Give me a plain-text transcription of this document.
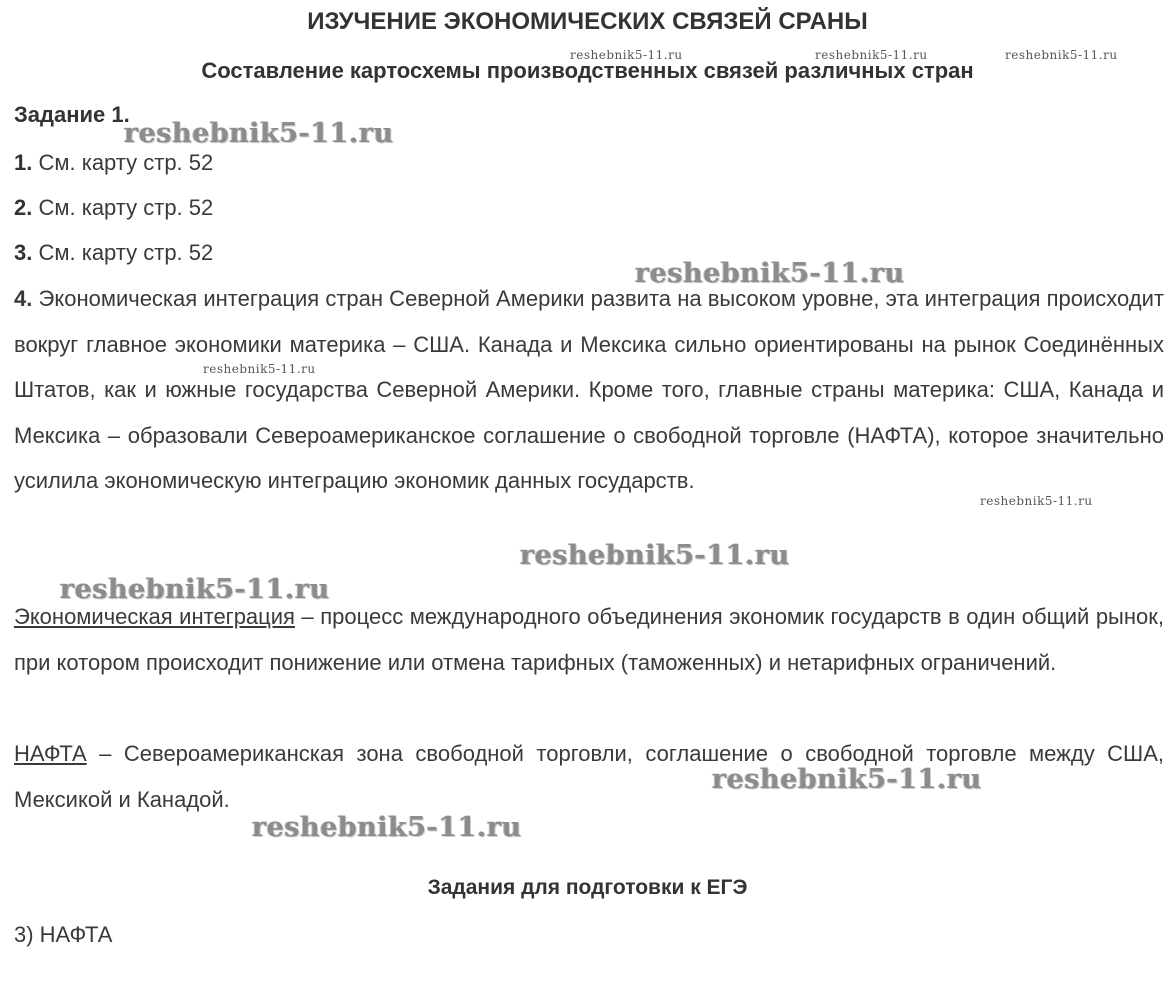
ИЗУЧЕНИЕ ЭКОНОМИЧЕСКИХ СВЯЗЕЙ СРАНЫ
Составление картосхемы производственных связей различных стран
Задание 1.
1. См. карту стр. 52
2. См. карту стр. 52
3. См. карту стр. 52
4. Экономическая интеграция стран Северной Америки развита на высоком уровне, эта интеграция происходит вокруг главное экономики материка – США. Канада и Мексика сильно ориентированы на рынок Соединённых Штатов, как и южные государства Северной Америки. Кроме того, главные страны материка: США, Канада и Мексика – образовали Североамериканское соглашение о свободной торговле (НАФТА), которое значительно усилила экономическую интеграцию экономик данных государств.
Экономическая интеграция – процесс международного объединения экономик государств в один общий рынок, при котором происходит понижение или отмена тарифных (таможенных) и нетарифных ограничений.
НАФТА – Североамериканская зона свободной торговли, соглашение о свободной торговле между США, Мексикой и Канадой.
Задания для подготовки к ЕГЭ
3) НАФТА
reshebnik5-11.ru	reshebnik5-11.ru	reshebnik5-11.ru
reshebnik5-11.ru
reshebnik5-11.ru
reshebnik5-11.ru
reshebnik5-11.ru
reshebnik5-11.ru
reshebnik5-11.ru
reshebnik5-11.ru
reshebnik5-11.ru
